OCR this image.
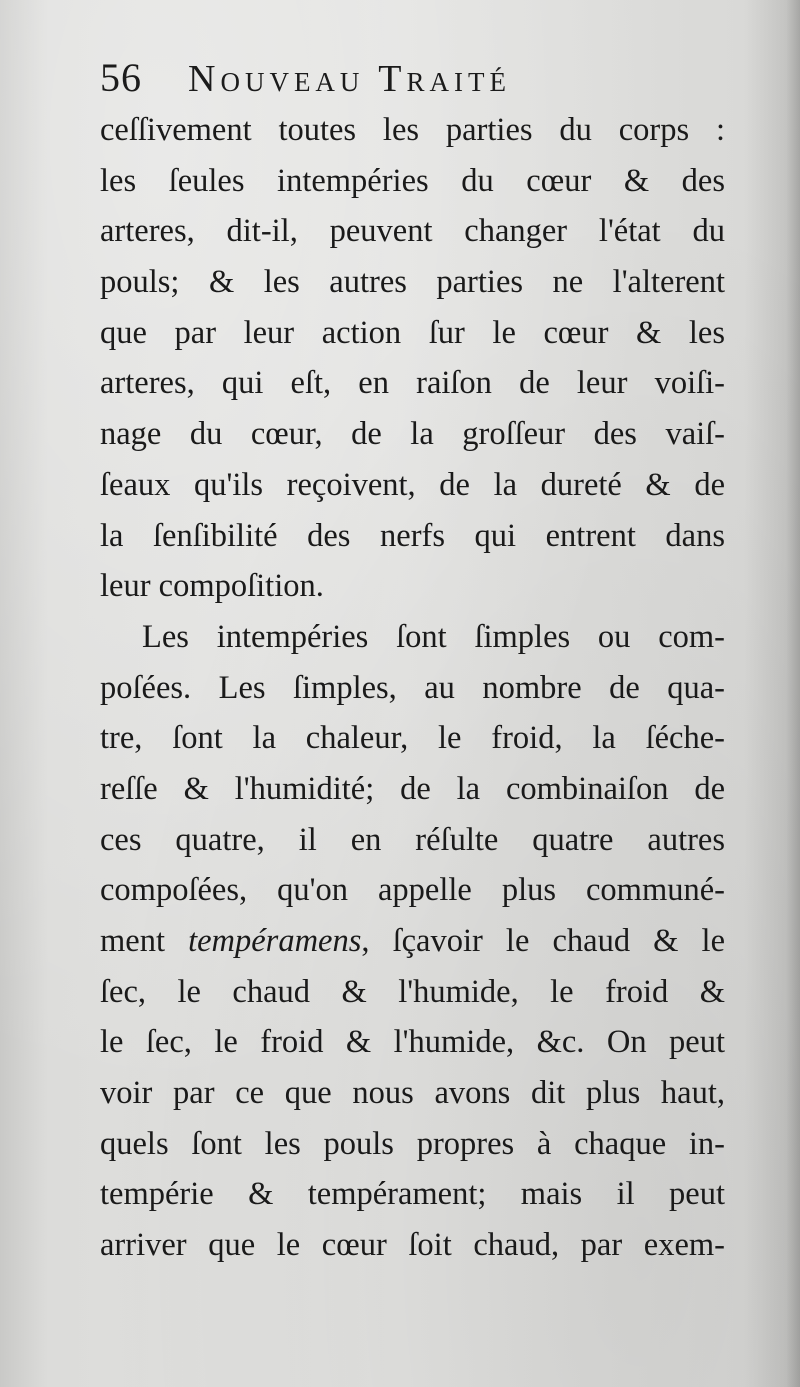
56 Nouveau Traité
ceſſivement toutes les parties du corps :
les ſeules intempéries du cœur & des
arteres, dit-il, peuvent changer l'état du
pouls; & les autres parties ne l'alterent
que par leur action ſur le cœur & les
arteres, qui eſt, en raiſon de leur voiſi-
nage du cœur, de la groſſeur des vaiſ-
ſeaux qu'ils reçoivent, de la dureté & de
la ſenſibilité des nerfs qui entrent dans
leur compoſition.
Les intempéries ſont ſimples ou com-
poſées. Les ſimples, au nombre de qua-
tre, ſont la chaleur, le froid, la ſéche-
reſſe & l'humidité; de la combinaiſon de
ces quatre, il en réſulte quatre autres
compoſées, qu'on appelle plus communé-
ment tempéramens, ſçavoir le chaud & le
ſec, le chaud & l'humide, le froid &
le ſec, le froid & l'humide, &c. On peut
voir par ce que nous avons dit plus haut,
quels ſont les pouls propres à chaque in-
tempérie & tempérament; mais il peut
arriver que le cœur ſoit chaud, par exem-
